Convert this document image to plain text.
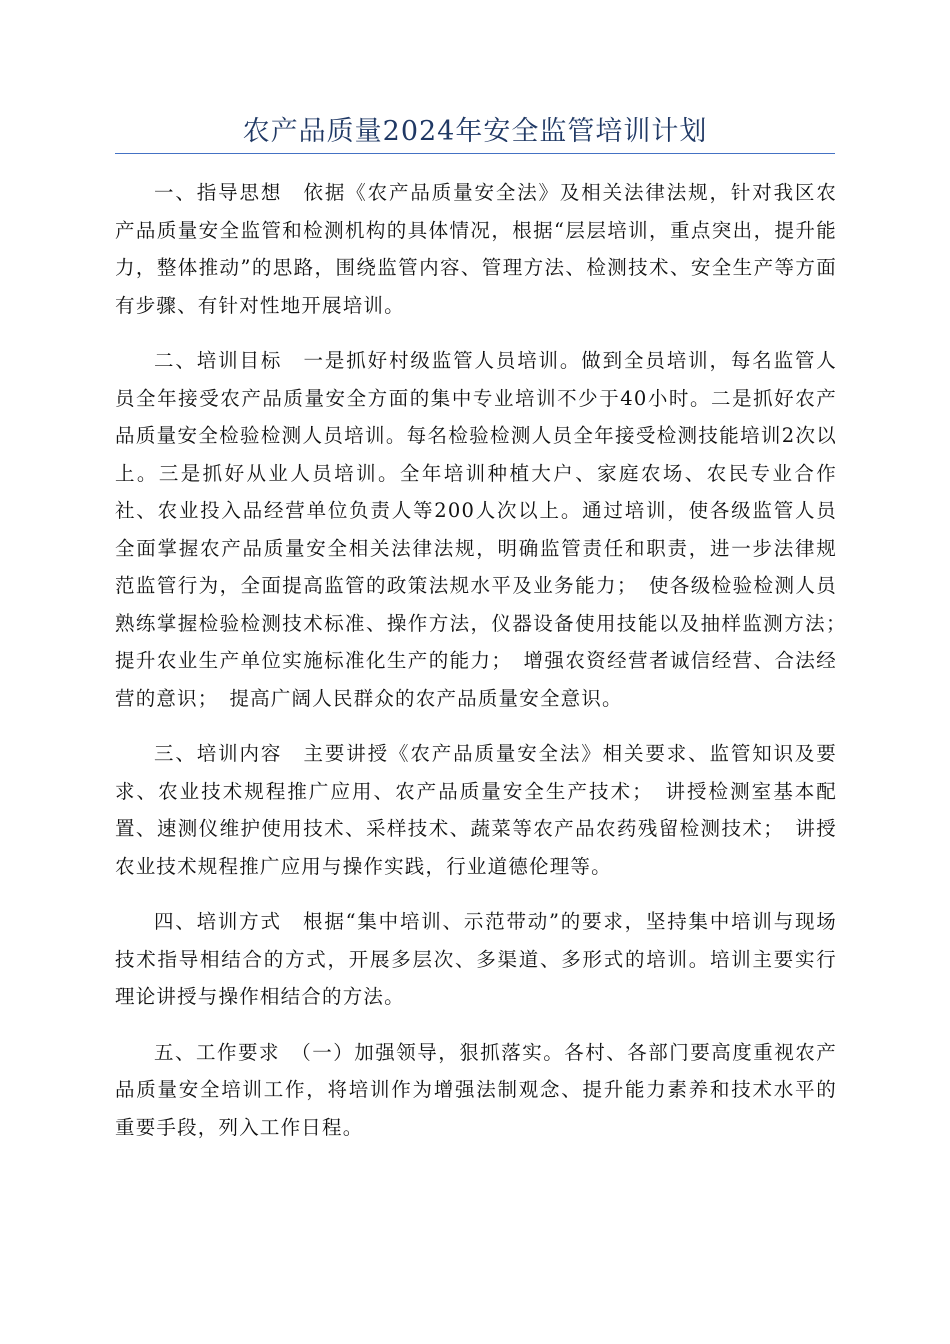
农产品质量2024年安全监管培训计划

一、指导思想　依据《农产品质量安全法》及相关法律法规，针对我区农产品质量安全监管和检测机构的具体情况，根据“层层培训，重点突出，提升能力，整体推动”的思路，围绕监管内容、管理方法、检测技术、安全生产等方面有步骤、有针对性地开展培训。

二、培训目标　一是抓好村级监管人员培训。做到全员培训，每名监管人员全年接受农产品质量安全方面的集中专业培训不少于40小时。二是抓好农产品质量安全检验检测人员培训。每名检验检测人员全年接受检测技能培训2次以上。三是抓好从业人员培训。全年培训种植大户、家庭农场、农民专业合作社、农业投入品经营单位负责人等200人次以上。通过培训，使各级监管人员全面掌握农产品质量安全相关法律法规，明确监管责任和职责，进一步法律规范监管行为，全面提高监管的政策法规水平及业务能力；　使各级检验检测人员熟练掌握检验检测技术标准、操作方法，仪器设备使用技能以及抽样监测方法；　提升农业生产单位实施标准化生产的能力；　增强农资经营者诚信经营、合法经营的意识；　提高广阔人民群众的农产品质量安全意识。

三、培训内容　主要讲授《农产品质量安全法》相关要求、监管知识及要求、农业技术规程推广应用、农产品质量安全生产技术；　讲授检测室基本配置、速测仪维护使用技术、采样技术、蔬菜等农产品农药残留检测技术；　讲授农业技术规程推广应用与操作实践，行业道德伦理等。

四、培训方式　根据“集中培训、示范带动”的要求，坚持集中培训与现场技术指导相结合的方式，开展多层次、多渠道、多形式的培训。培训主要实行理论讲授与操作相结合的方法。

五、工作要求　（一）加强领导，狠抓落实。各村、各部门要高度重视农产品质量安全培训工作，将培训作为增强法制观念、提升能力素养和技术水平的重要手段，列入工作日程。
